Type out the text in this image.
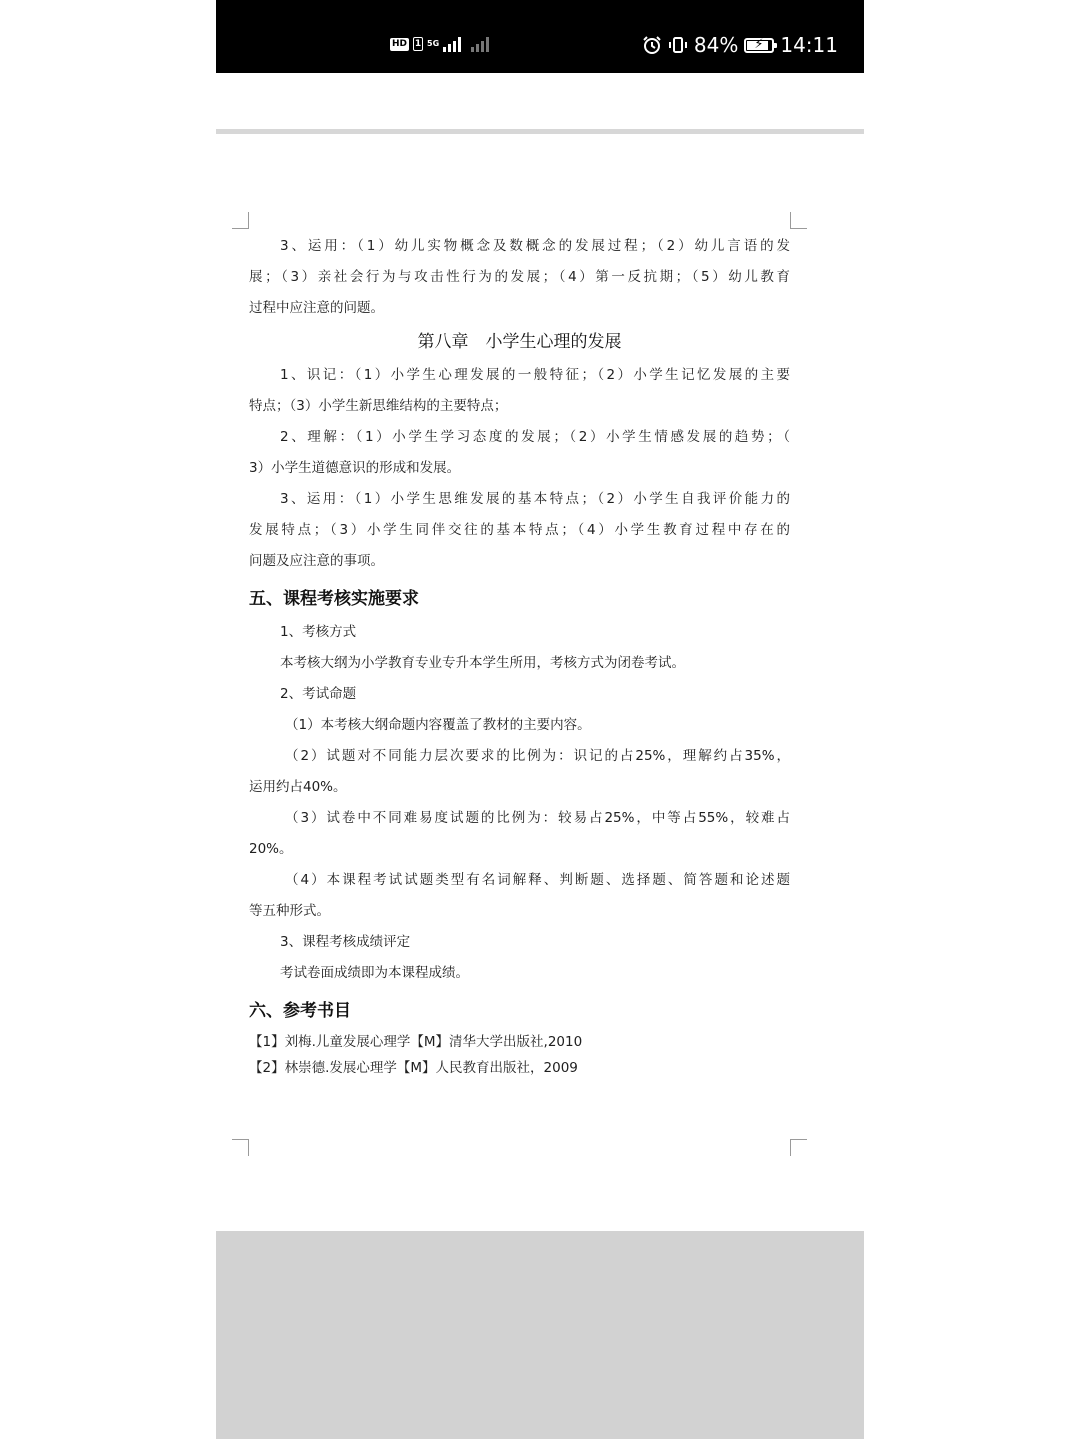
HD 1 5G	84% ⚡ 14:11
3、运用：（1）幼儿实物概念及数概念的发展过程；（2）幼儿言语的发
展；（3）亲社会行为与攻击性行为的发展；（4）第一反抗期；（5）幼儿教育
过程中应注意的问题。
第八章　小学生心理的发展
1、识记：（1）小学生心理发展的一般特征；（2）小学生记忆发展的主要
特点；（3）小学生新思维结构的主要特点；
2、理解：（1）小学生学习态度的发展；（2）小学生情感发展的趋势；（
3）小学生道德意识的形成和发展。
3、运用：（1）小学生思维发展的基本特点；（2）小学生自我评价能力的
发展特点；（3）小学生同伴交往的基本特点；（4）小学生教育过程中存在的
问题及应注意的事项。
五、课程考核实施要求
1、考核方式
本考核大纲为小学教育专业专升本学生所用，考核方式为闭卷考试。
2、考试命题
（1）本考核大纲命题内容覆盖了教材的主要内容。
（2）试题对不同能力层次要求的比例为：识记的占25%，理解约占35%，
运用约占40%。
（3）试卷中不同难易度试题的比例为：较易占25%，中等占55%，较难占
20%。
（4）本课程考试试题类型有名词解释、判断题、选择题、简答题和论述题
等五种形式。
3、课程考核成绩评定
考试卷面成绩即为本课程成绩。
六、参考书目
【1】刘梅.儿童发展心理学【M】清华大学出版社,2010
【2】林崇德.发展心理学【M】人民教育出版社，2009
